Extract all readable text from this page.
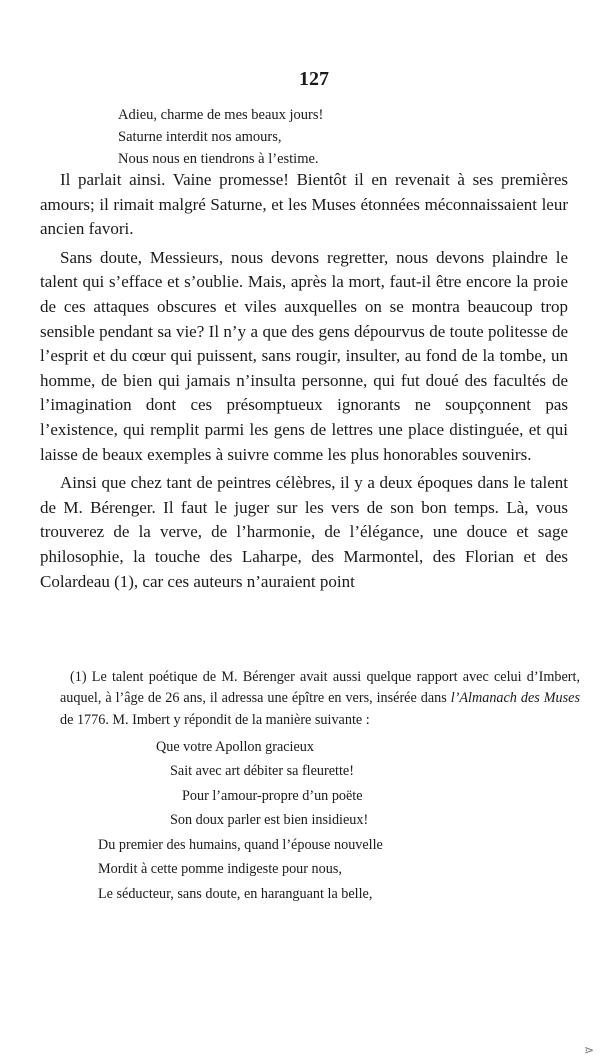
127
Adieu, charme de mes beaux jours!
Saturne interdit nos amours,
Nous nous en tiendrons à l’estime.

Il parlait ainsi. Vaine promesse! Bientôt il en revenait à ses premières amours; il rimait malgré Saturne, et les Muses étonnées méconnaissaient leur ancien favori.

Sans doute, Messieurs, nous devons regretter, nous devons plaindre le talent qui s’efface et s’oublie. Mais, après la mort, faut-il être encore la proie de ces attaques obscures et viles auxquelles on se montra beaucoup trop sensible pendant sa vie? Il n’y a que des gens dépourvus de toute politesse de l’esprit et du cœur qui puissent, sans rougir, insulter, au fond de la tombe, un homme, de bien qui jamais n’insulta personne, qui fut doué des facultés de l’imagination dont ces présomptueux ignorants ne soupçonnent pas l’existence, qui remplit parmi les gens de lettres une place distinguée, et qui laisse de beaux exemples à suivre comme les plus honorables souvenirs.

Ainsi que chez tant de peintres célèbres, il y a deux époques dans le talent de M. Bérenger. Il faut le juger sur les vers de son bon temps. Là, vous trouverez de la verve, de l’harmonie, de l’élégance, une douce et sage philosophie, la touche des Laharpe, des Marmontel, des Florian et des Colardeau (1), car ces auteurs n’auraient point

(1) Le talent poétique de M. Bérenger avait aussi quelque rapport avec celui d’Imbert, auquel, à l’âge de 26 ans, il adressa une épître en vers, insérée dans l’Almanach des Muses de 1776. M. Imbert y répondit de la manière suivante :

Que votre Apollon gracieux
Sait avec art débiter sa fleurette!
Pour l’amour-propre d’un poëte
Son doux parler est bien insidieux!
Du premier des humains, quand l’épouse nouvelle
Mordit à cette pomme indigeste pour nous,
Le séducteur, sans doute, en haranguant la belle,
⋗
